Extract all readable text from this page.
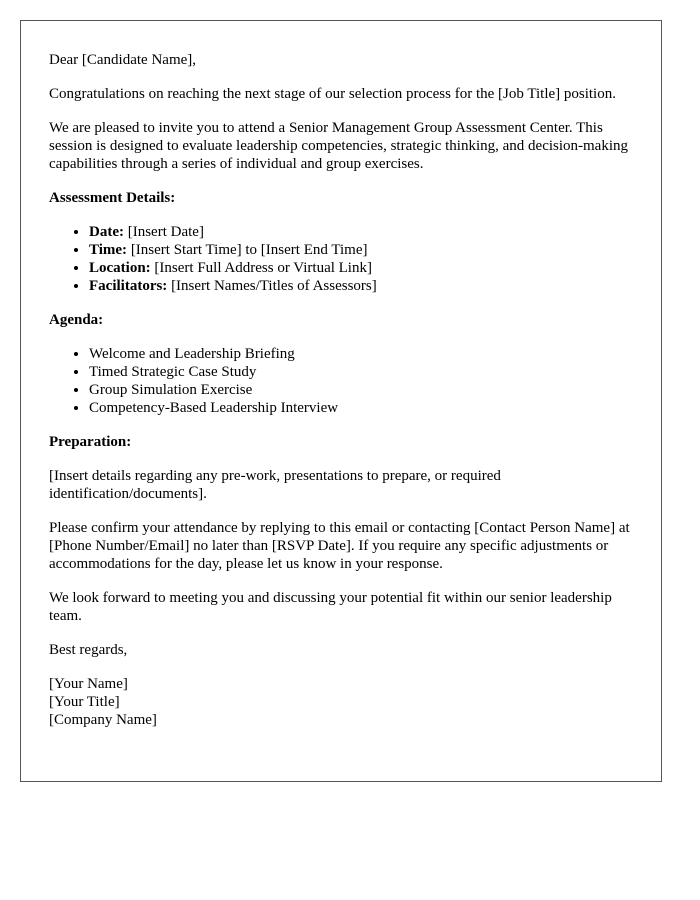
Dear [Candidate Name],

Congratulations on reaching the next stage of our selection process for the [Job Title] position.

We are pleased to invite you to attend a Senior Management Group Assessment Center. This session is designed to evaluate leadership competencies, strategic thinking, and decision-making capabilities through a series of individual and group exercises.

Assessment Details:

• Date: [Insert Date]
• Time: [Insert Start Time] to [Insert End Time]
• Location: [Insert Full Address or Virtual Link]
• Facilitators: [Insert Names/Titles of Assessors]

Agenda:

• Welcome and Leadership Briefing
• Timed Strategic Case Study
• Group Simulation Exercise
• Competency-Based Leadership Interview

Preparation:

[Insert details regarding any pre-work, presentations to prepare, or required identification/documents].

Please confirm your attendance by replying to this email or contacting [Contact Person Name] at [Phone Number/Email] no later than [RSVP Date]. If you require any specific adjustments or accommodations for the day, please let us know in your response.

We look forward to meeting you and discussing your potential fit within our senior leadership team.

Best regards,

[Your Name]

[Your Title]

[Company Name]
